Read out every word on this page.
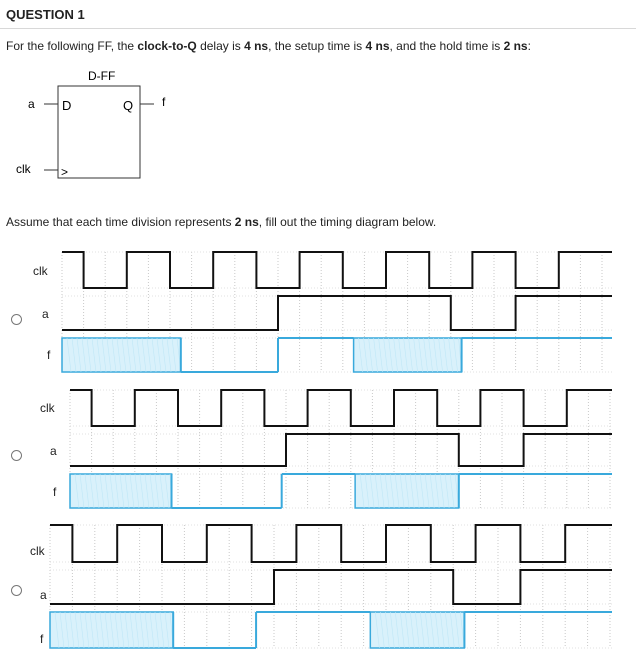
QUESTION 1
For the following FF, the clock-to-Q delay is 4 ns, the setup time is 4 ns, and the hold time is 2 ns:
D-FF
a D	Q f
clk	>
Assume that each time division represents 2 ns, fill out the timing diagram below.
clk
a
f
clk
a
f
clk
a
f
